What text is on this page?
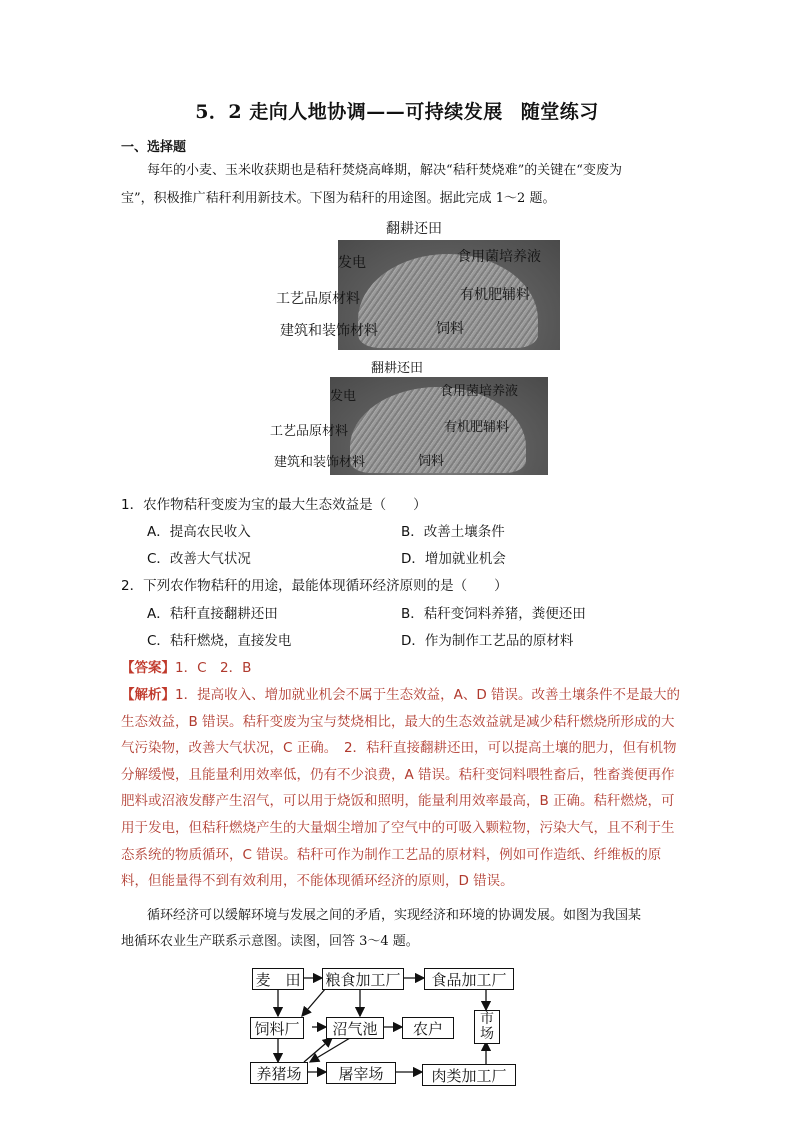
5．2 走向人地协调——可持续发展 随堂练习
一、选择题

每年的小麦、玉米收获期也是秸秆焚烧高峰期，解决“秸秆焚烧难”的关键在“变废为

宝”，积极推广秸秆利用新技术。下图为秸秆的用途图。据此完成 1～2 题。

翻耕还田
发电	食用菌培养液
工艺品原材料	有机肥辅料
建筑和装饰材料	饲料
翻耕还田
发电	食用菌培养液
工艺品原材料	有机肥辅料
建筑和装饰材料	饲料
1．农作物秸秆变废为宝的最大生态效益是（　　）
A．提高农民收入	B．改善土壤条件
C．改善大气状况	D．增加就业机会
2．下列农作物秸秆的用途，最能体现循环经济原则的是（　　）
A．秸秆直接翻耕还田	B．秸秆变饲料养猪，粪便还田
C．秸秆燃烧，直接发电	D．作为制作工艺品的原材料
【答案】1．C　2．B
【解析】1．提高收入、增加就业机会不属于生态效益，A、D 错误。改善土壤条件不是最大的生态效益，B 错误。秸秆变废为宝与焚烧相比，最大的生态效益就是减少秸秆燃烧所形成的大气污染物，改善大气状况，C 正确。　2．秸秆直接翻耕还田，可以提高土壤的肥力，但有机物分解缓慢，且能量利用效率低，仍有不少浪费，A 错误。秸秆变饲料喂牲畜后，牲畜粪便再作肥料或沼液发酵产生沼气，可以用于烧饭和照明，能量利用效率最高，B 正确。秸秆燃烧，可用于发电，但秸秆燃烧产生的大量烟尘增加了空气中的可吸入颗粒物，污染大气，且不利于生态系统的物质循环，C 错误。秸秆可作为制作工艺品的原材料，例如可作造纸、纤维板的原料，但能量得不到有效利用，不能体现循环经济的原则，D 错误。

循环经济可以缓解环境与发展之间的矛盾，实现经济和环境的协调发展。如图为我国某

地循环农业生产联系示意图。读图，回答 3～4 题。

麦　田 粮食加工厂	食品加工厂
饲料厂	沼气池	农户
市场
养猪场	屠宰场	肉类加工厂
